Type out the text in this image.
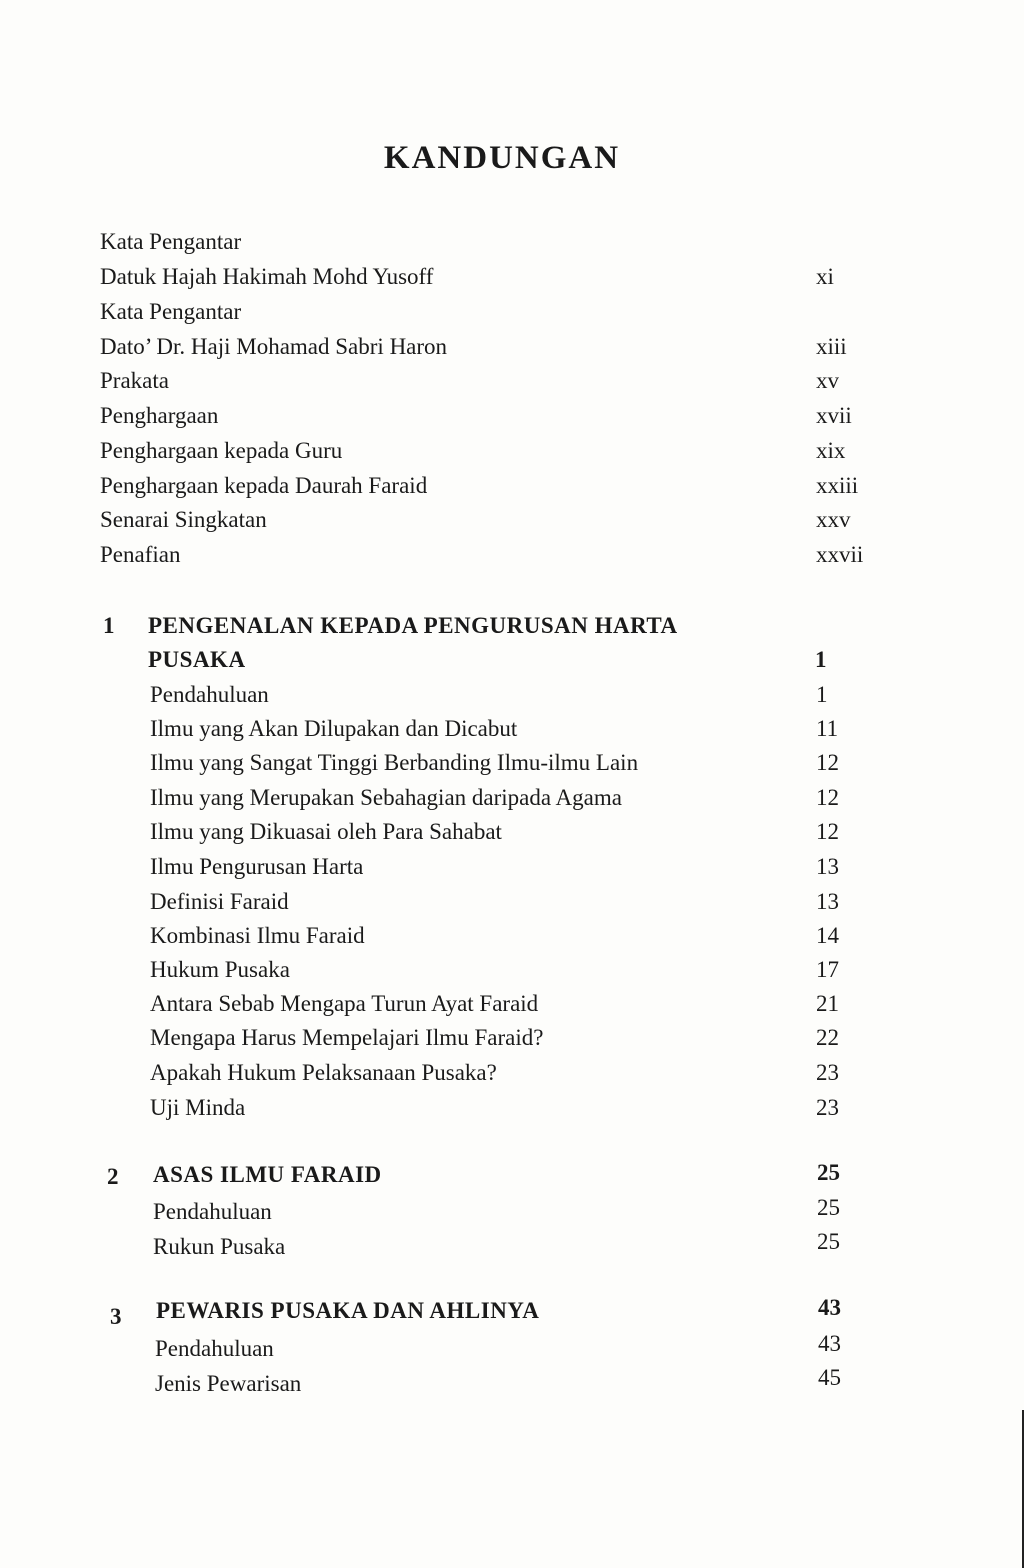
KANDUNGAN
Kata Pengantar
Datuk Hajah Hakimah Mohd Yusoff	xi
Kata Pengantar
Dato’ Dr. Haji Mohamad Sabri Haron	xiii
Prakata	xv
Penghargaan	xvii
Penghargaan kepada Guru	xix
Penghargaan kepada Daurah Faraid	xxiii
Senarai Singkatan	xxv
Penafian	xxvii
1 PENGENALAN KEPADA PENGURUSAN HARTA
PUSAKA	1
Pendahuluan	1
Ilmu yang Akan Dilupakan dan Dicabut	11
Ilmu yang Sangat Tinggi Berbanding Ilmu-ilmu Lain	12
Ilmu yang Merupakan Sebahagian daripada Agama	12
Ilmu yang Dikuasai oleh Para Sahabat	12
Ilmu Pengurusan Harta	13
Definisi Faraid	13
Kombinasi Ilmu Faraid	14
Hukum Pusaka	17
Antara Sebab Mengapa Turun Ayat Faraid	21
Mengapa Harus Mempelajari Ilmu Faraid?	22
Apakah Hukum Pelaksanaan Pusaka?	23
Uji Minda	23
2 ASAS ILMU FARAID	25
Pendahuluan	25
Rukun Pusaka	25
3 PEWARIS PUSAKA DAN AHLINYA	43
Pendahuluan	43
Jenis Pewarisan	45
